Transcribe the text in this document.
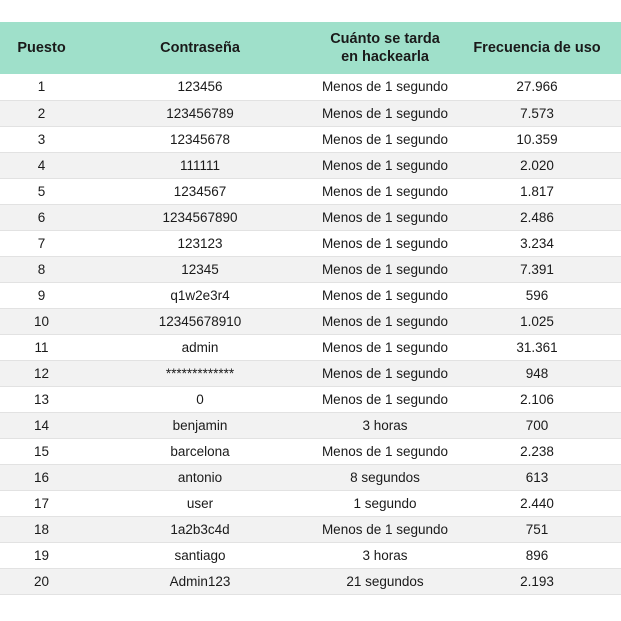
Puesto	Contraseña	Cuánto se tarda en hackearla	Frecuencia de uso
1	123456	Menos de 1 segundo	27.966
2	123456789	Menos de 1 segundo	7.573
3	12345678	Menos de 1 segundo	10.359
4	111111	Menos de 1 segundo	2.020
5	1234567	Menos de 1 segundo	1.817
6	1234567890	Menos de 1 segundo	2.486
7	123123	Menos de 1 segundo	3.234
8	12345	Menos de 1 segundo	7.391
9	q1w2e3r4	Menos de 1 segundo	596
10	12345678910	Menos de 1 segundo	1.025
11	admin	Menos de 1 segundo	31.361
12	*************	Menos de 1 segundo	948
13	0	Menos de 1 segundo	2.106
14	benjamin	3 horas	700
15	barcelona	Menos de 1 segundo	2.238
16	antonio	8 segundos	613
17	user	1 segundo	2.440
18	1a2b3c4d	Menos de 1 segundo	751
19	santiago	3 horas	896
20	Admin123	21 segundos	2.193
